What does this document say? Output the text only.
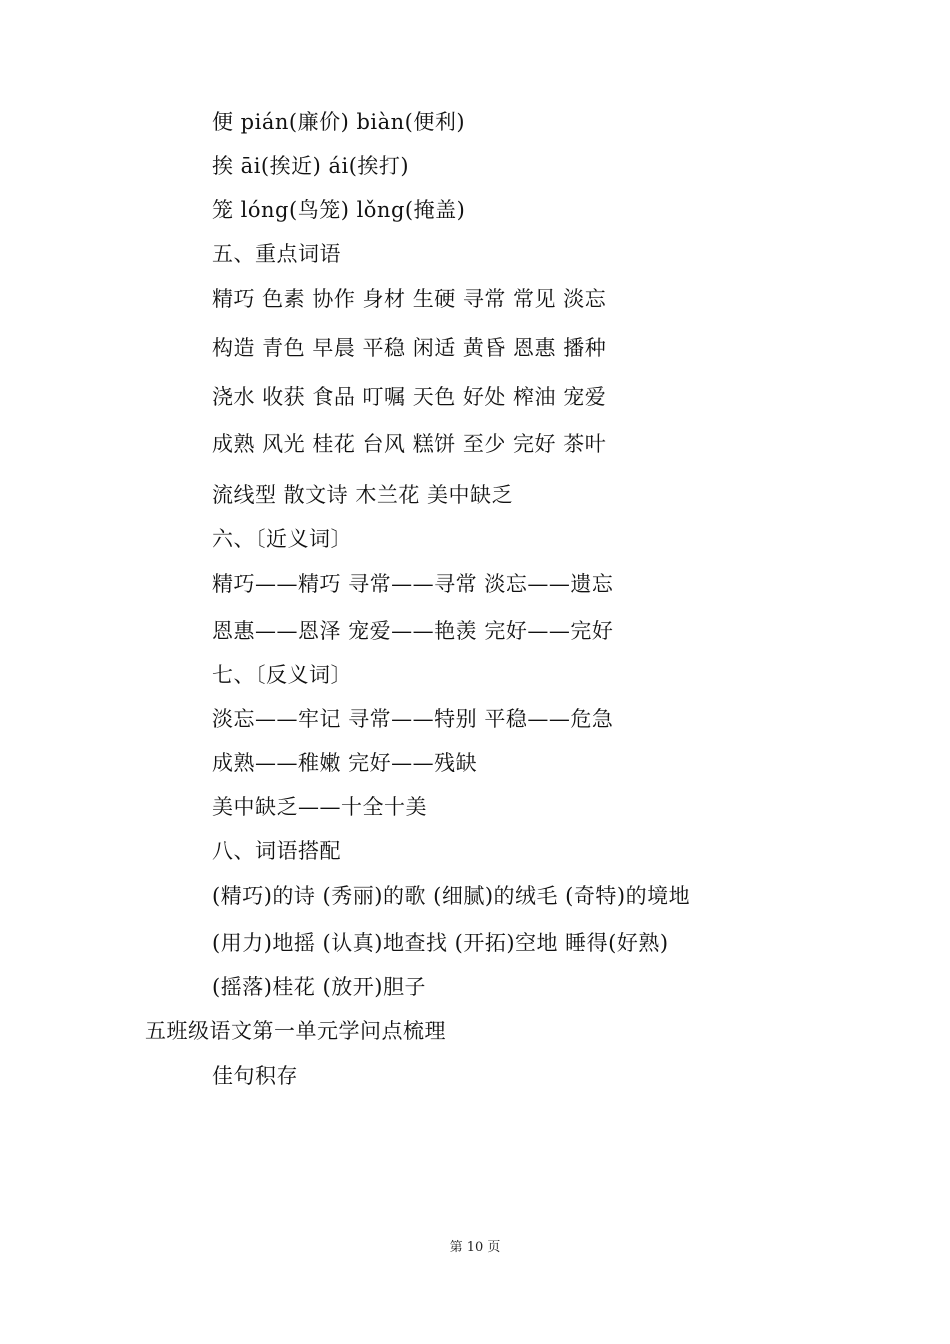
便 pián(廉价) biàn(便利)
挨 āi(挨近) ái(挨打)
笼 lóng(鸟笼) lǒng(掩盖)
五、重点词语
精巧 色素 协作 身材 生硬 寻常 常见 淡忘
构造 青色 早晨 平稳 闲适 黄昏 恩惠 播种
浇水 收获 食品 叮嘱 天色 好处 榨油 宠爱
成熟 风光 桂花 台风 糕饼 至少 完好 茶叶
流线型 散文诗 木兰花 美中缺乏
六、〔近义词〕
精巧——精巧 寻常——寻常 淡忘——遗忘
恩惠——恩泽 宠爱——艳羡 完好——完好
七、〔反义词〕
淡忘——牢记 寻常——特别 平稳——危急
成熟——稚嫩 完好——残缺
美中缺乏——十全十美
八、词语搭配
(精巧)的诗 (秀丽)的歌 (细腻)的绒毛 (奇特)的境地
(用力)地摇 (认真)地查找 (开拓)空地 睡得(好熟)
(摇落)桂花 (放开)胆子
五班级语文第一单元学问点梳理
佳句积存
第 10 页
